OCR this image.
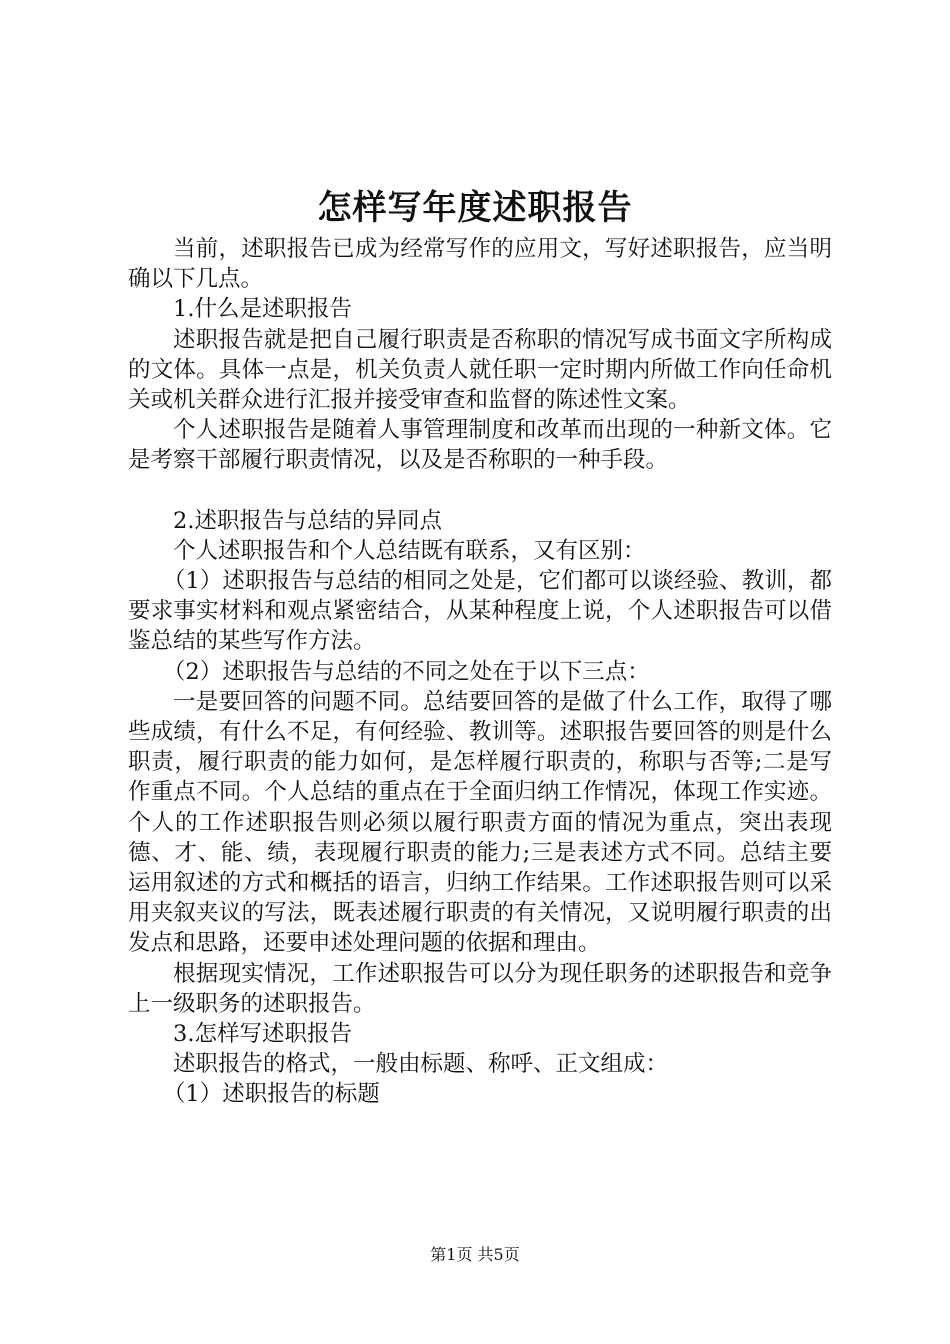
怎样写年度述职报告

当前，述职报告已成为经常写作的应用文，写好述职报告，应当明确以下几点。

1.什么是述职报告

述职报告就是把自己履行职责是否称职的情况写成书面文字所构成的文体。具体一点是，机关负责人就任职一定时期内所做工作向任命机关或机关群众进行汇报并接受审查和监督的陈述性文案。

个人述职报告是随着人事管理制度和改革而出现的一种新文体。它是考察干部履行职责情况，以及是否称职的一种手段。

2.述职报告与总结的异同点

个人述职报告和个人总结既有联系，又有区别：

（1）述职报告与总结的相同之处是，它们都可以谈经验、教训，都要求事实材料和观点紧密结合，从某种程度上说，个人述职报告可以借鉴总结的某些写作方法。

（2）述职报告与总结的不同之处在于以下三点：

一是要回答的问题不同。总结要回答的是做了什么工作，取得了哪些成绩，有什么不足，有何经验、教训等。述职报告要回答的则是什么职责，履行职责的能力如何，是怎样履行职责的，称职与否等;二是写作重点不同。个人总结的重点在于全面归纳工作情况，体现工作实迹。个人的工作述职报告则必须以履行职责方面的情况为重点，突出表现德、才、能、绩，表现履行职责的能力;三是表述方式不同。总结主要运用叙述的方式和概括的语言，归纳工作结果。工作述职报告则可以采用夹叙夹议的写法，既表述履行职责的有关情况，又说明履行职责的出发点和思路，还要申述处理问题的依据和理由。

根据现实情况，工作述职报告可以分为现任职务的述职报告和竞争上一级职务的述职报告。

3.怎样写述职报告

述职报告的格式，一般由标题、称呼、正文组成：

（1）述职报告的标题

第1页 共5页
